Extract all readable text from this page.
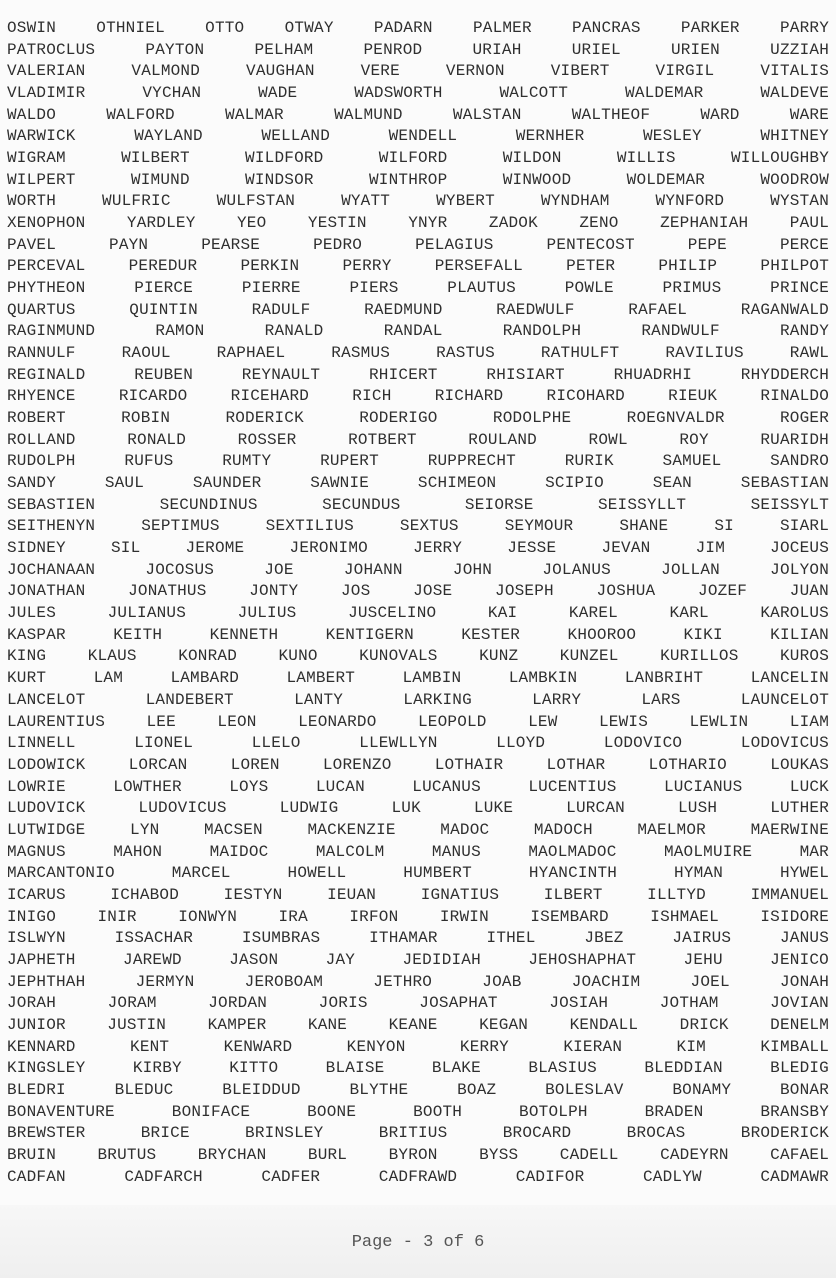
OSWIN OTHNIEL OTTO OTWAY PADARN PALMER PANCRAS PARKER PARRY
PATROCLUS PAYTON PELHAM PENROD URIAH URIEL URIEN UZZIAH
VALERIAN VALMOND VAUGHAN VERE VERNON VIBERT VIRGIL VITALIS
VLADIMIR VYCHAN WADE WADSWORTH WALCOTT WALDEMAR WALDEVE
WALDO WALFORD WALMAR WALMUND WALSTAN WALTHEOF WARD WARE
WARWICK WAYLAND WELLAND WENDELL WERNHER WESLEY WHITNEY
WIGRAM WILBERT WILDFORD WILFORD WILDON WILLIS WILLOUGHBY
WILPERT WIMUND WINDSOR WINTHROP WINWOOD WOLDEMAR WOODROW
WORTH WULFRIC WULFSTAN WYATT WYBERT WYNDHAM WYNFORD WYSTAN
XENOPHON YARDLEY YEO YESTIN YNYR ZADOK ZENO ZEPHANIAH PAUL
PAVEL PAYN PEARSE PEDRO PELAGIUS PENTECOST PEPE PERCE
PERCEVAL PEREDUR PERKIN PERRY PERSEFALL PETER PHILIP PHILPOT
PHYTHEON PIERCE PIERRE PIERS PLAUTUS POWLE PRIMUS PRINCE
QUARTUS QUINTIN RADULF RAEDMUND RAEDWULF RAFAEL RAGANWALD
RAGINMUND RAMON RANALD RANDAL RANDOLPH RANDWULF RANDY
RANNULF RAOUL RAPHAEL RASMUS RASTUS RATHULFT RAVILIUS RAWL
REGINALD REUBEN REYNAULT RHICERT RHISIART RHUADRHI RHYDDERCH
RHYENCE RICARDO RICEHARD RICH RICHARD RICOHARD RIEUK RINALDO
ROBERT ROBIN RODERICK RODERIGO RODOLPHE ROEGNVALDR ROGER
ROLLAND RONALD ROSSER ROTBERT ROULAND ROWL ROY RUARIDH
RUDOLPH RUFUS RUMTY RUPERT RUPPRECHT RURIK SAMUEL SANDRO
SANDY SAUL SAUNDER SAWNIE SCHIMEON SCIPIO SEAN SEBASTIAN
SEBASTIEN SECUNDINUS SECUNDUS SEIORSE SEISSYLLT SEISSYLT
SEITHENYN SEPTIMUS SEXTILIUS SEXTUS SEYMOUR SHANE SI SIARL
SIDNEY SIL JEROME JERONIMO JERRY JESSE JEVAN JIM JOCEUS
JOCHANAAN JOCOSUS JOE JOHANN JOHN JOLANUS JOLLAN JOLYON
JONATHAN JONATHUS JONTY JOS JOSE JOSEPH JOSHUA JOZEF JUAN
JULES JULIANUS JULIUS JUSCELINO KAI KAREL KARL KAROLUS
KASPAR KEITH KENNETH KENTIGERN KESTER KHOOROO KIKI KILIAN
KING KLAUS KONRAD KUNO KUNOVALS KUNZ KUNZEL KURILLOS KUROS
KURT LAM LAMBARD LAMBERT LAMBIN LAMBKIN LANBRIHT LANCELIN
LANCELOT LANDEBERT LANTY LARKING LARRY LARS LAUNCELOT
LAURENTIUS LEE LEON LEONARDO LEOPOLD LEW LEWIS LEWLIN LIAM
LINNELL LIONEL LLELO LLEWLLYN LLOYD LODOVICO LODOVICUS
LODOWICK LORCAN LOREN LORENZO LOTHAIR LOTHAR LOTHARIO LOUKAS
LOWRIE LOWTHER LOYS LUCAN LUCANUS LUCENTIUS LUCIANUS LUCK
LUDOVICK LUDOVICUS LUDWIG LUK LUKE LURCAN LUSH LUTHER
LUTWIDGE LYN MACSEN MACKENZIE MADOC MADOCH MAELMOR MAERWINE
MAGNUS MAHON MAIDOC MALCOLM MANUS MAOLMADOC MAOLMUIRE MAR
MARCANTONIO MARCEL HOWELL HUMBERT HYANCINTH HYMAN HYWEL
ICARUS ICHABOD IESTYN IEUAN IGNATIUS ILBERT ILLTYD IMMANUEL
INIGO INIR IONWYN IRA IRFON IRWIN ISEMBARD ISHMAEL ISIDORE
ISLWYN ISSACHAR ISUMBRAS ITHAMAR ITHEL JBEZ JAIRUS JANUS
JAPHETH JAREWD JASON JAY JEDIDIAH JEHOSHAPHAT JEHU JENICO
JEPHTHAH JERMYN JEROBOAM JETHRO JOAB JOACHIM JOEL JONAH
JORAH JORAM JORDAN JORIS JOSAPHAT JOSIAH JOTHAM JOVIAN
JUNIOR JUSTIN KAMPER KANE KEANE KEGAN KENDALL DRICK DENELM
KENNARD KENT KENWARD KENYON KERRY KIERAN KIM KIMBALL
KINGSLEY KIRBY KITTO BLAISE BLAKE BLASIUS BLEDDIAN BLEDIG
BLEDRI BLEDUC BLEIDDUD BLYTHE BOAZ BOLESLAV BONAMY BONAR
BONAVENTURE BONIFACE BOONE BOOTH BOTOLPH BRADEN BRANSBY
BREWSTER BRICE BRINSLEY BRITIUS BROCARD BROCAS BRODERICK
BRUIN BRUTUS BRYCHAN BURL BYRON BYSS CADELL CADEYRN CAFAEL
CADFAN CADFARCH CADFER CADFRAWD CADIFOR CADLYW CADMAWR
Page - 3 of 6
